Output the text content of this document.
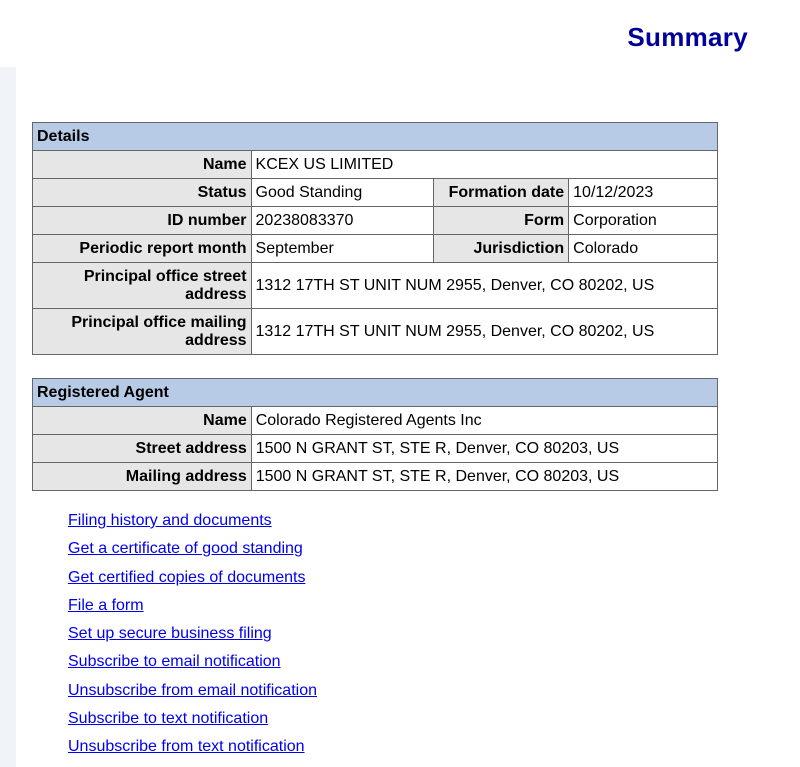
Summary
Details			
Name	KCEX US LIMITED		
Status	Good Standing	Formation date	10/12/2023
ID number	20238083370	Form	Corporation
Periodic report month	September	Jurisdiction	Colorado
Principal office street
address	1312 17TH ST UNIT NUM 2955, Denver, CO 80202, US		
Principal office mailing
address	1312 17TH ST UNIT NUM 2955, Denver, CO 80202, US		
Registered Agent	
Name	Colorado Registered Agents Inc
Street address	1500 N GRANT ST, STE R, Denver, CO 80203, US
Mailing address	1500 N GRANT ST, STE R, Denver, CO 80203, US
Filing history and documents
Get a certificate of good standing
Get certified copies of documents
File a form
Set up secure business filing
Subscribe to email notification
Unsubscribe from email notification
Subscribe to text notification
Unsubscribe from text notification
